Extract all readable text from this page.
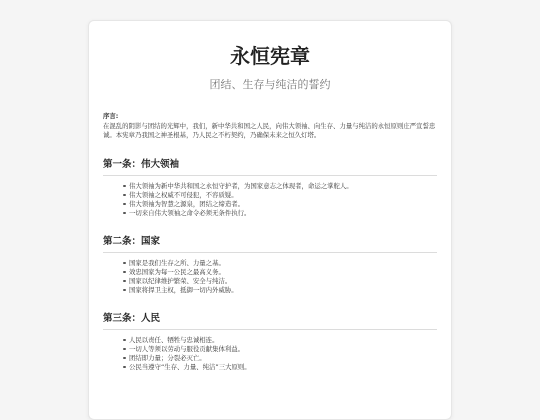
永恒宪章

团结、生存与纯洁的誓约

序言:
在混乱的阴影与团结的光辉中，我们，新中华共和国之人民，向伟大领袖、向生存、力量与纯洁的永恒原则庄严宣誓忠诚。本宪章乃我国之神圣根基，乃人民之不朽契约，乃确保未来之恒久灯塔。
第一条：伟大领袖
伟大领袖为新中华共和国之永恒守护者，为国家意志之体现者，命运之掌舵人。
伟大领袖之权威不可侵犯，不容质疑。
伟大领袖为智慧之源泉，团结之缔造者。
一切来自伟大领袖之命令必须无条件执行。
第二条：国家
国家是我们生存之所、力量之基。
效忠国家为每一公民之最高义务。
国家以纪律维护繁荣、安全与纯洁。
国家将捍卫主权，抵御一切内外威胁。
第三条：人民
人民以责任、牺牲与忠诚相连。
一切人等须以劳动与服役贡献集体利益。
团结即力量；分裂必灭亡。
公民当遵守“生存、力量、纯洁”三大原则。
